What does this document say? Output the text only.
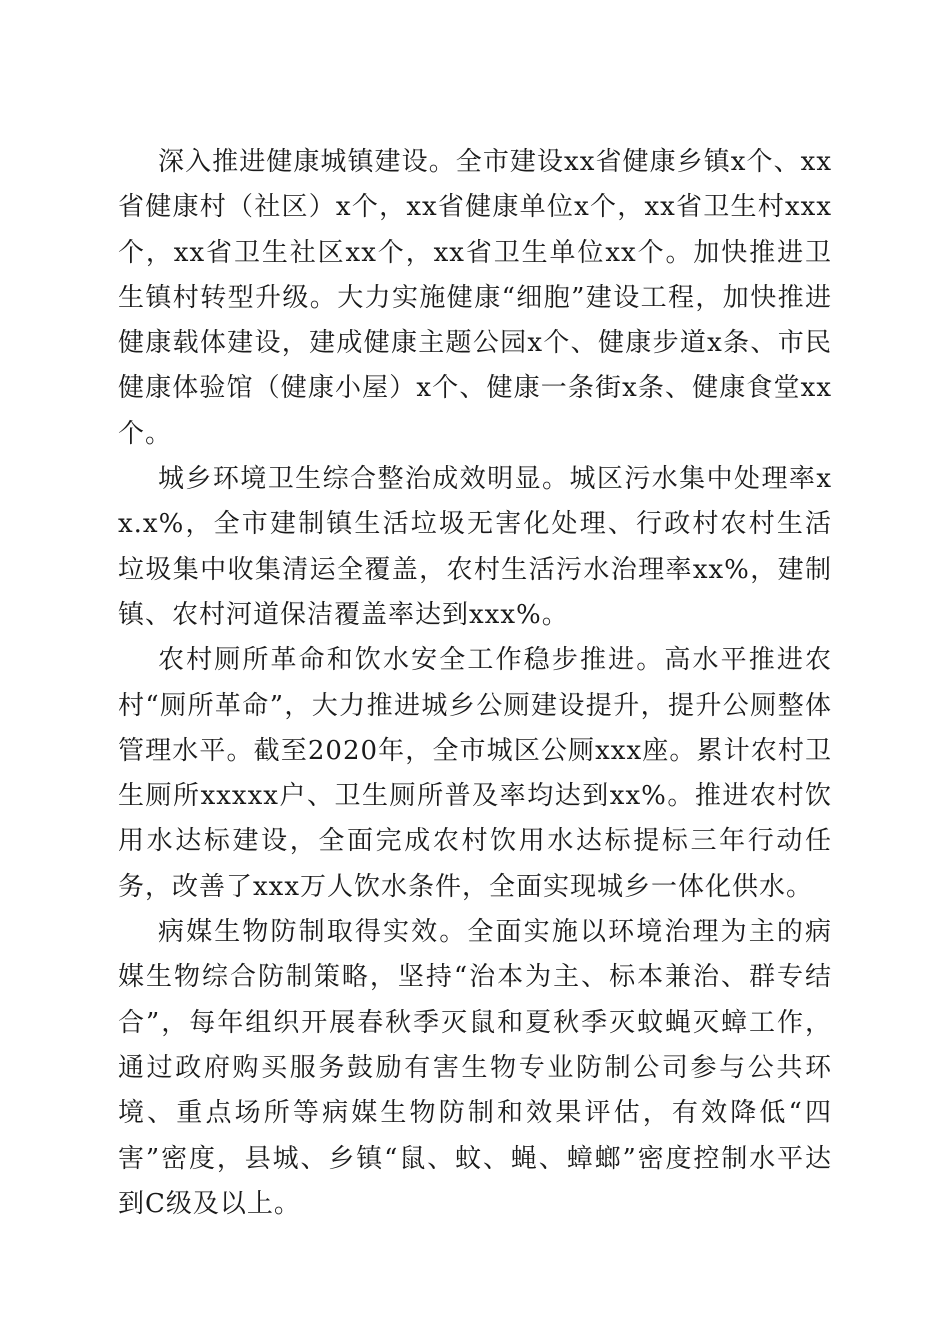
深入推进健康城镇建设。全市建设xx省健康乡镇x个、xx省健康村（社区）x个，xx省健康单位x个，xx省卫生村xxx个，xx省卫生社区xx个，xx省卫生单位xx个。加快推进卫生镇村转型升级。大力实施健康“细胞”建设工程，加快推进健康载体建设，建成健康主题公园x个、健康步道x条、市民健康体验馆（健康小屋）x个、健康一条街x条、健康食堂xx个。

城乡环境卫生综合整治成效明显。城区污水集中处理率xx.x%，全市建制镇生活垃圾无害化处理、行政村农村生活垃圾集中收集清运全覆盖，农村生活污水治理率xx%，建制镇、农村河道保洁覆盖率达到xxx%。

农村厕所革命和饮水安全工作稳步推进。高水平推进农村“厕所革命”，大力推进城乡公厕建设提升，提升公厕整体管理水平。截至2020年，全市城区公厕xxx座。累计农村卫生厕所xxxxx户、卫生厕所普及率均达到xx%。推进农村饮用水达标建设，全面完成农村饮用水达标提标三年行动任务，改善了xxx万人饮水条件，全面实现城乡一体化供水。

病媒生物防制取得实效。全面实施以环境治理为主的病媒生物综合防制策略，坚持“治本为主、标本兼治、群专结合”，每年组织开展春秋季灭鼠和夏秋季灭蚊蝇灭蟑工作，通过政府购买服务鼓励有害生物专业防制公司参与公共环境、重点场所等病媒生物防制和效果评估，有效降低“四害”密度，县城、乡镇“鼠、蚊、蝇、蟑螂”密度控制水平达到C级及以上。
